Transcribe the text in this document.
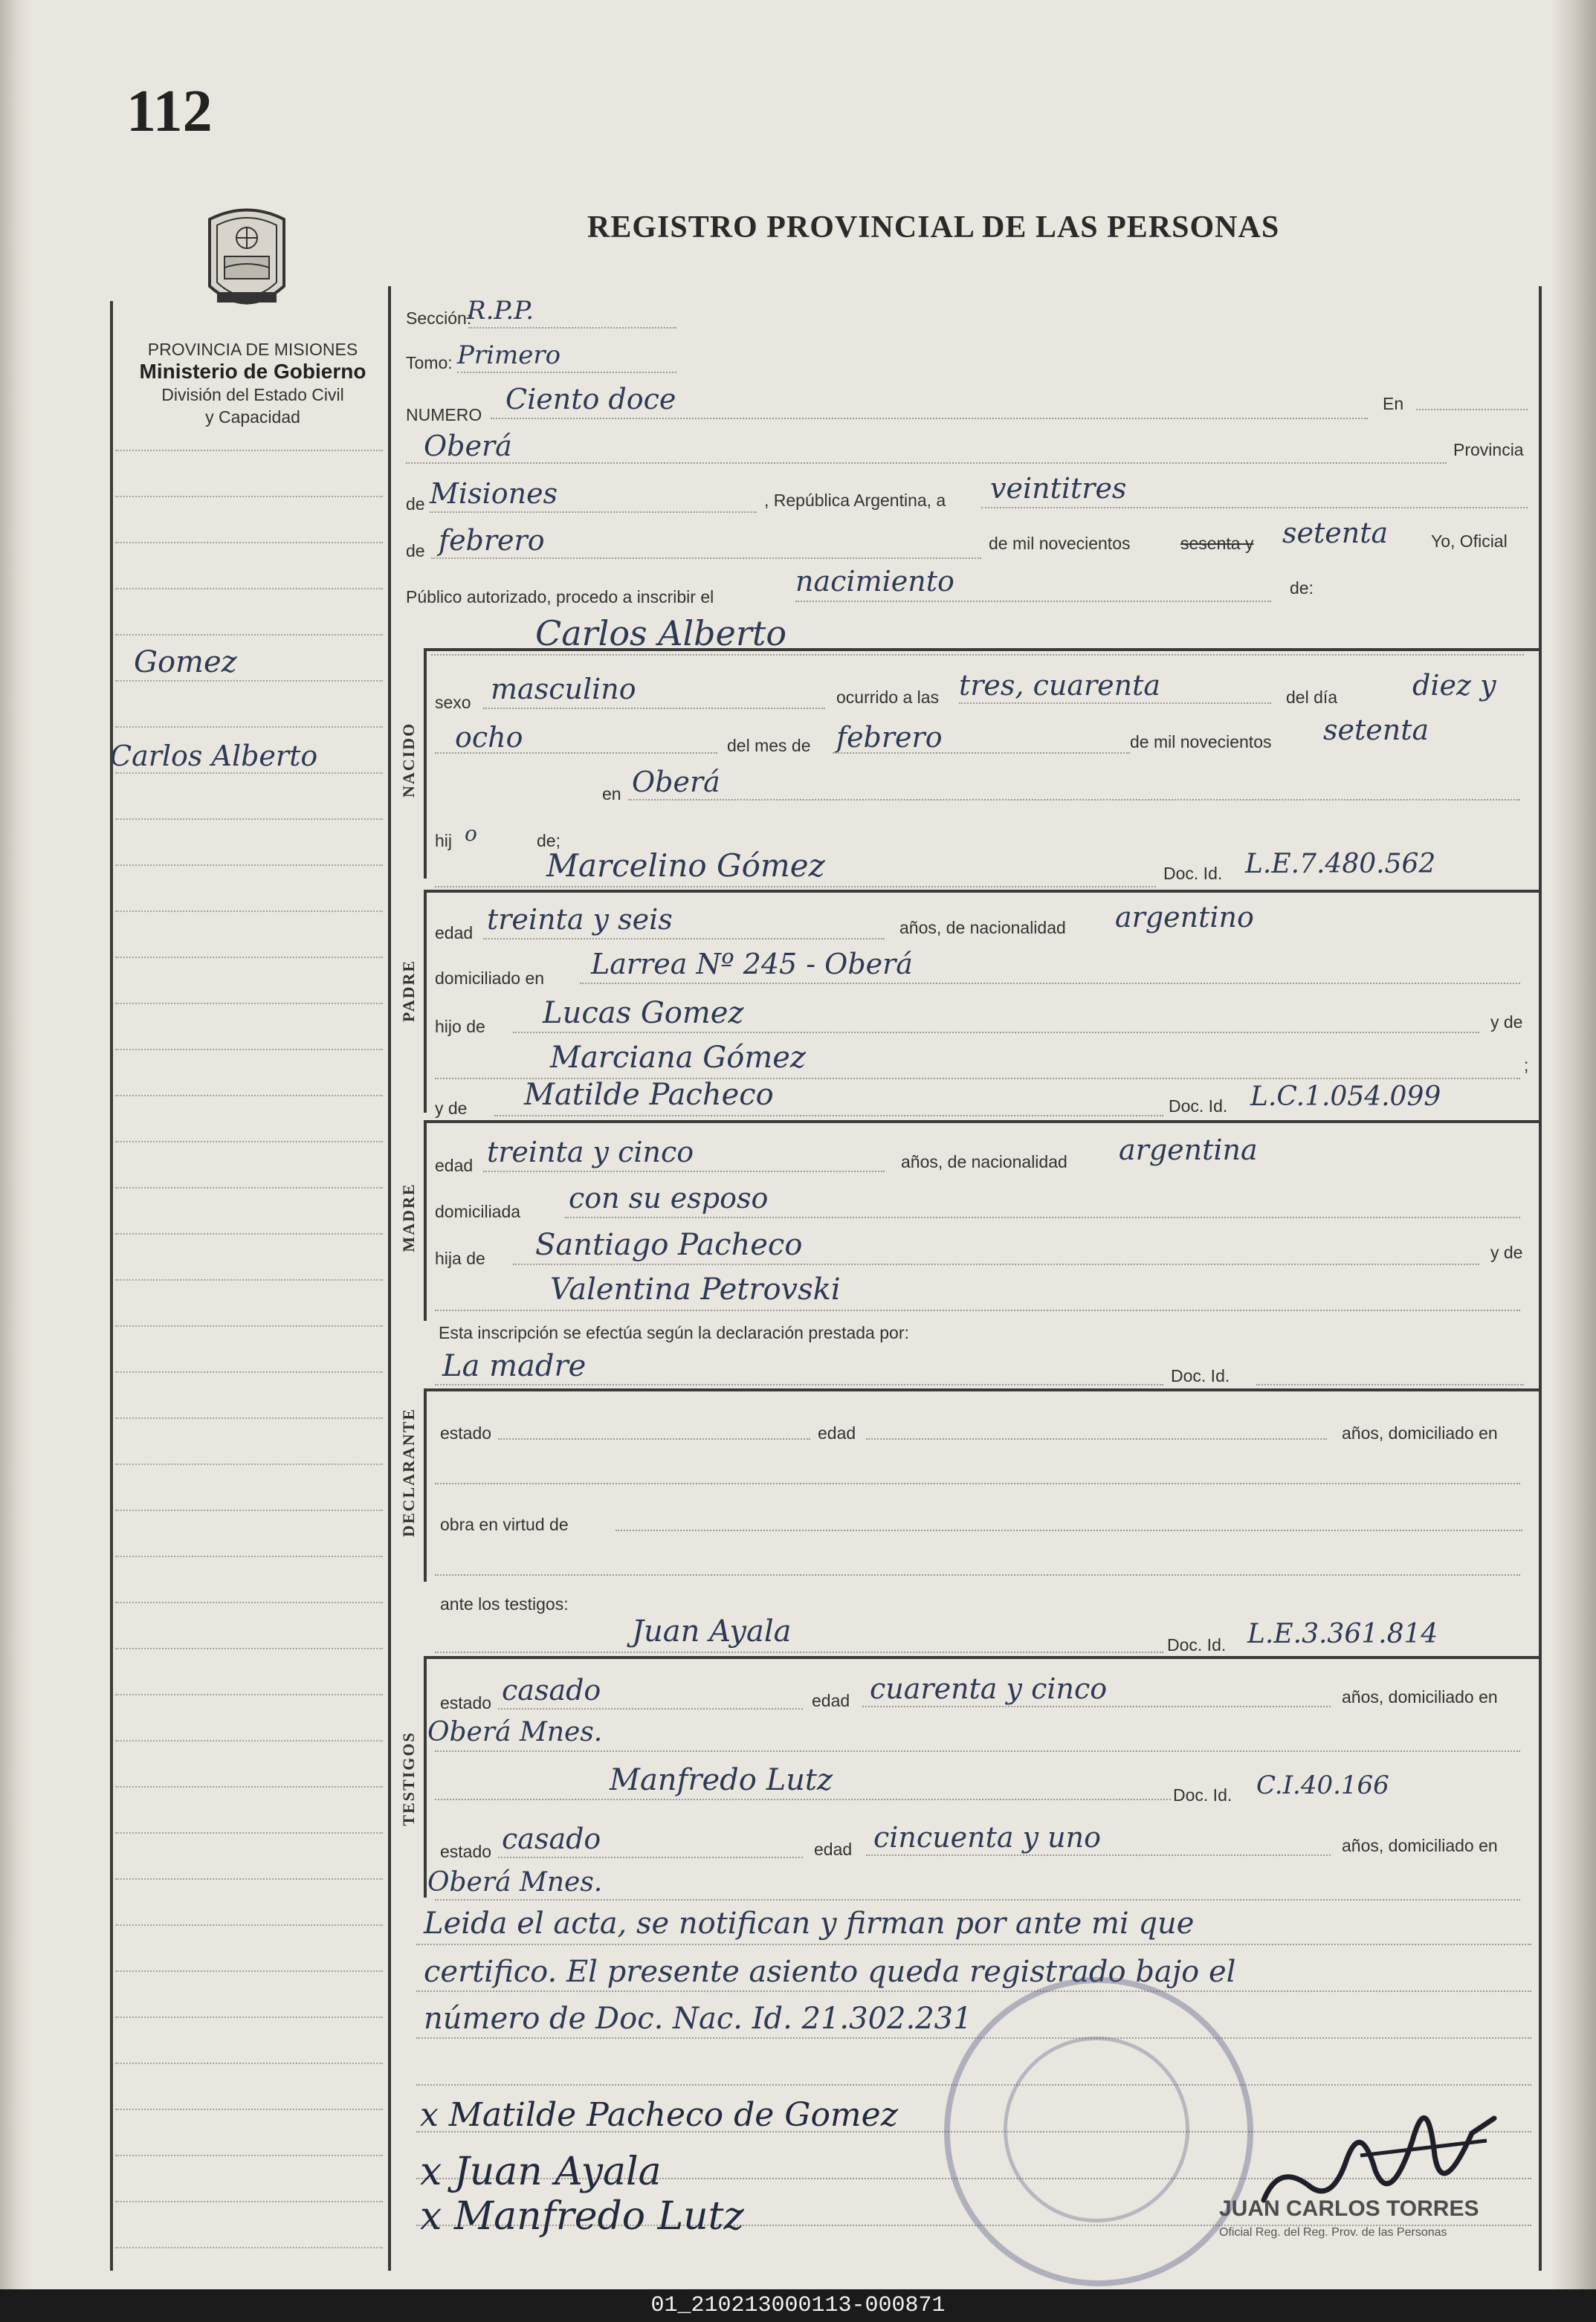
112
REGISTRO PROVINCIAL DE LAS PERSONAS
PROVINCIA DE MISIONES
Ministerio de Gobierno
División del Estado Civil
y Capacidad
Gomez
Carlos Alberto
Sección:
R.P.P.
Tomo: Primero
NUMERO Ciento doce	En
Oberá	Provincia
de Misiones	, República Argentina, a veintitres
de febrero	de mil novecientos	sesenta y setenta	Yo, Oficial
Público autorizado, procedo a inscribir el	nacimiento	de:
NACIDO
Carlos Alberto
sexo masculino	ocurrido a las tres, cuarenta	del día	diez y
ocho	del mes de febrero	de mil novecientos setenta
en Oberá
hij o	de;
Marcelino Gómez	Doc. Id. L.E.7.480.562
PADRE
edad treinta y seis	años, de nacionalidad argentino
domiciliado en Larrea Nº 245 - Oberá
hijo de Lucas Gomez	y de
Marciana Gómez	;
y de Matilde Pacheco	Doc. Id. L.C.1.054.099
MADRE
edad treinta y cinco	años, de nacionalidad argentina
domiciliada con su esposo
hija de Santiago Pacheco	y de
Valentina Petrovski
Esta inscripción se efectúa según la declaración prestada por:
La madre	Doc. Id.
DECLARANTE estado	edad	años, domiciliado en
obra en virtud de
ante los testigos:
Juan Ayala	Doc. Id. L.E.3.361.814
TESTIGOS
estado casado	edad cuarenta y cinco	años, domiciliado en
Oberá Mnes.
Manfredo Lutz	Doc. Id. C.I.40.166
estado casado	edad cincuenta y uno	años, domiciliado en
Oberá Mnes.
Leida el acta, se notifican y firman por ante mi que
certifico. El presente asiento queda registrado bajo el
número de Doc. Nac. Id. 21.302.231
x Matilde Pacheco de Gomez
x Juan Ayala
x Manfredo Lutz	JUAN CARLOS TORRES
Oficial Reg. del Reg. Prov. de las Personas
01_210213000113-000871
